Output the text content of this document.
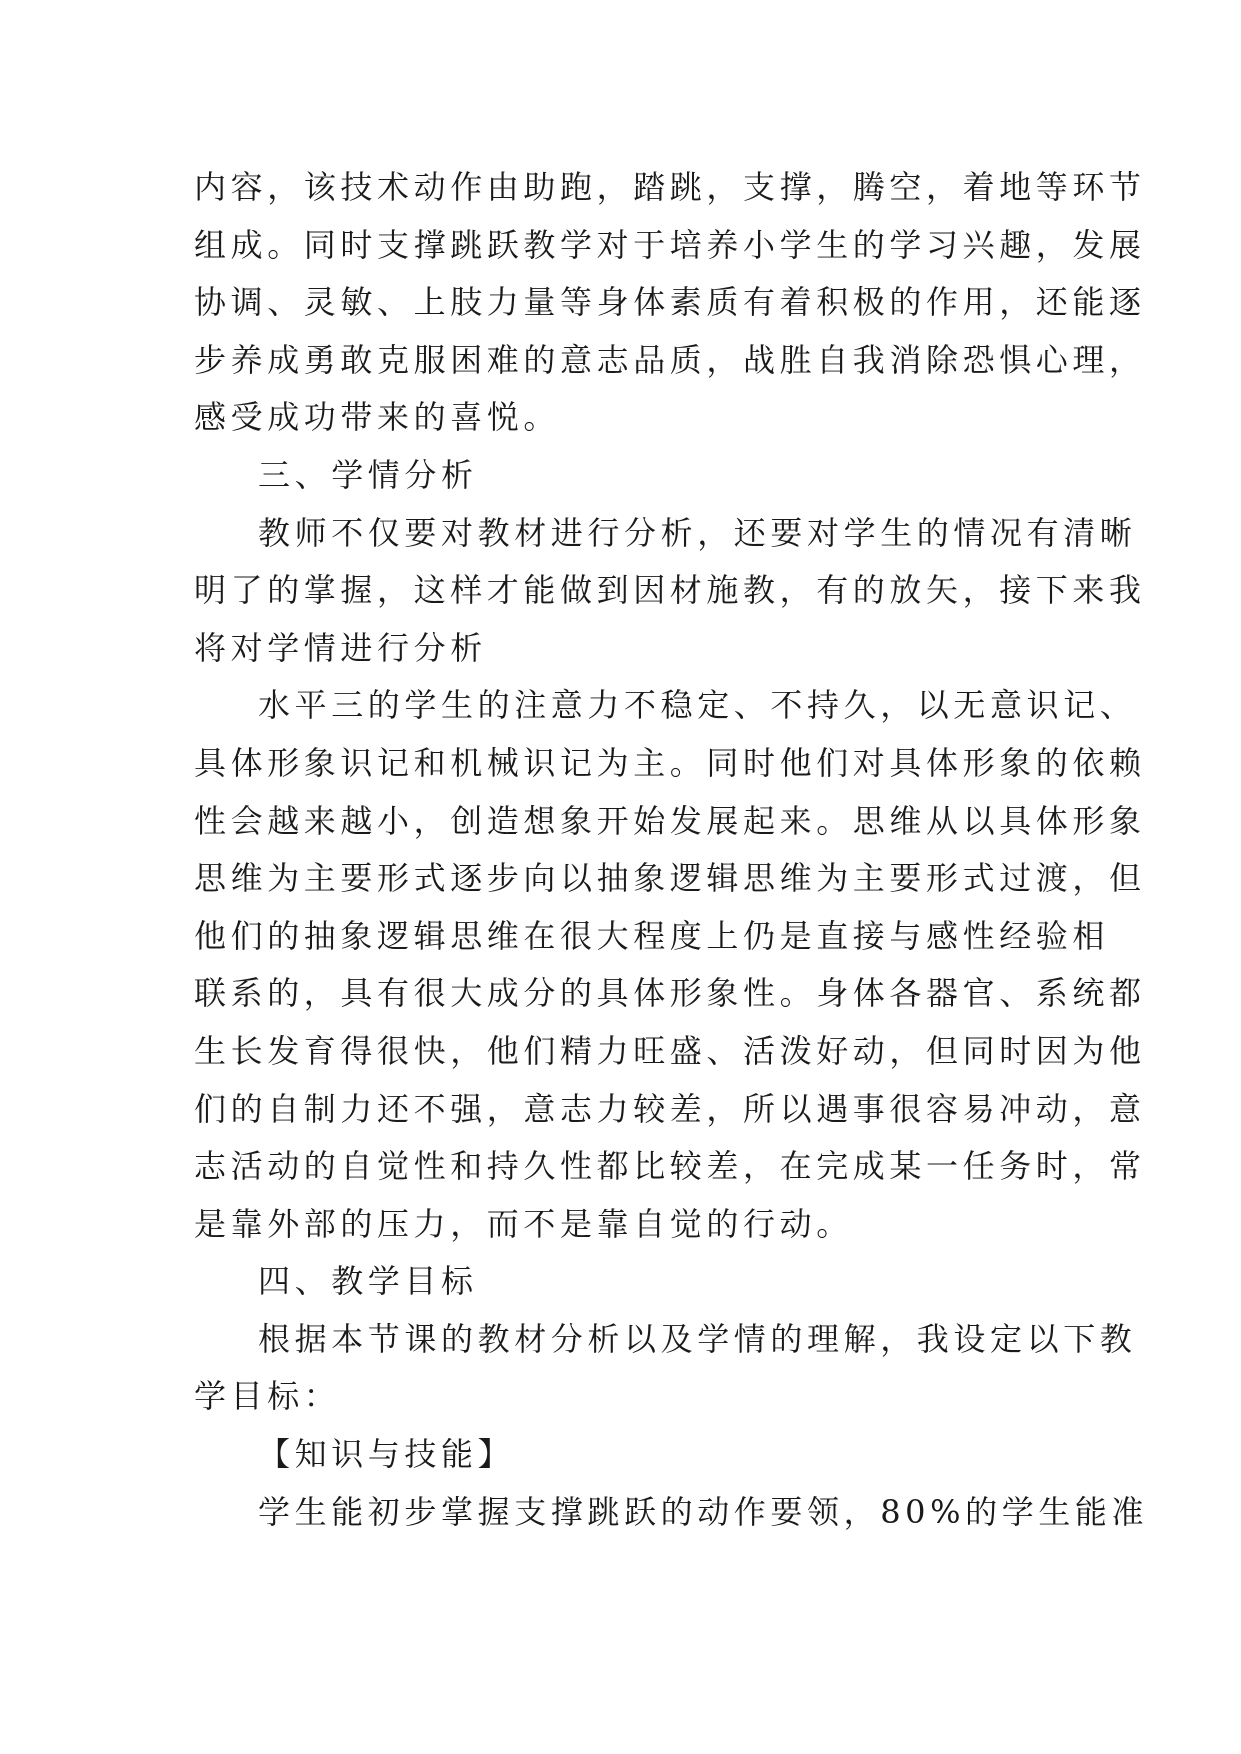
内容，该技术动作由助跑，踏跳，支撑，腾空，着地等环节
组成。同时支撑跳跃教学对于培养小学生的学习兴趣，发展
协调、灵敏、上肢力量等身体素质有着积极的作用，还能逐
步养成勇敢克服困难的意志品质，战胜自我消除恐惧心理，
感受成功带来的喜悦。
三、学情分析
教师不仅要对教材进行分析，还要对学生的情况有清晰
明了的掌握，这样才能做到因材施教，有的放矢，接下来我
将对学情进行分析
水平三的学生的注意力不稳定、不持久，以无意识记、
具体形象识记和机械识记为主。同时他们对具体形象的依赖
性会越来越小，创造想象开始发展起来。思维从以具体形象
思维为主要形式逐步向以抽象逻辑思维为主要形式过渡，但
他们的抽象逻辑思维在很大程度上仍是直接与感性经验相
联系的，具有很大成分的具体形象性。身体各器官、系统都
生长发育得很快，他们精力旺盛、活泼好动，但同时因为他
们的自制力还不强，意志力较差，所以遇事很容易冲动，意
志活动的自觉性和持久性都比较差，在完成某一任务时，常
是靠外部的压力，而不是靠自觉的行动。
四、教学目标
根据本节课的教材分析以及学情的理解，我设定以下教
学目标：
【知识与技能】
学生能初步掌握支撑跳跃的动作要领，80%的学生能准
